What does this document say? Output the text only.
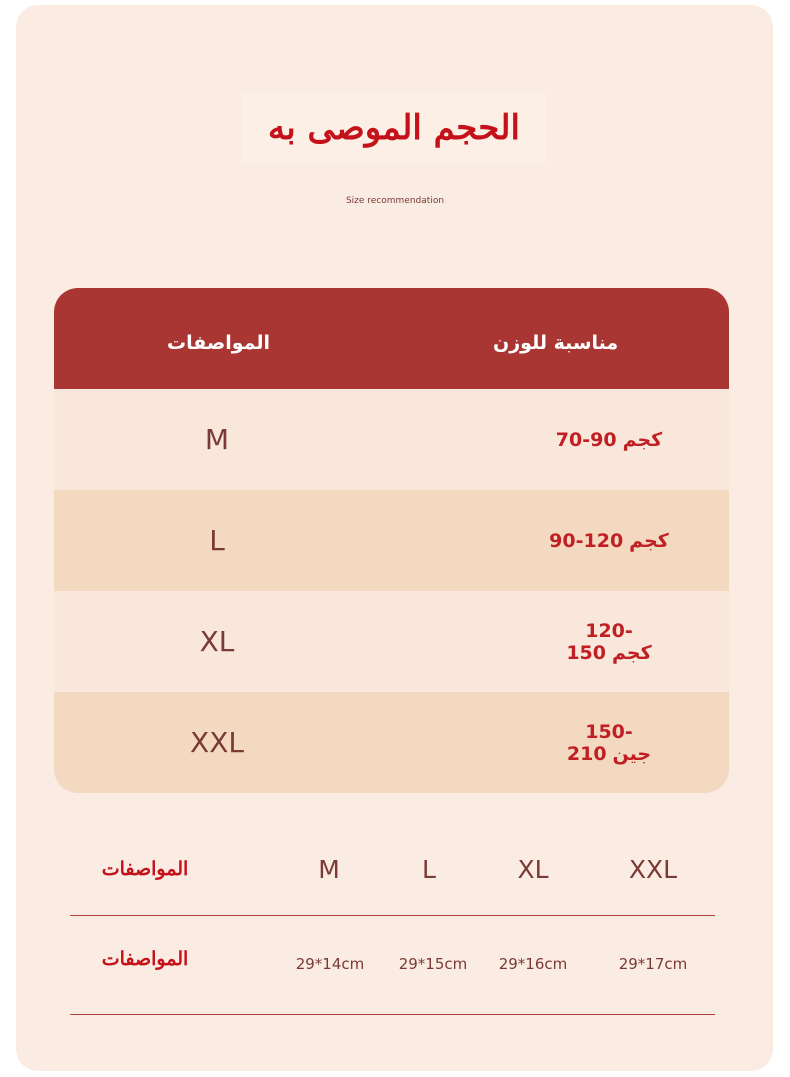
الحجم الموصى به
Size recommendation
المواصفات	مناسبة للوزن
M	70-90 كجم
L	90-120 كجم
XL	120-150 كجم
XXL	150-210 جين
المواصفات	M	L	XL	XXL
المواصفات	29*14cm	29*15cm	29*16cm	29*17cm
